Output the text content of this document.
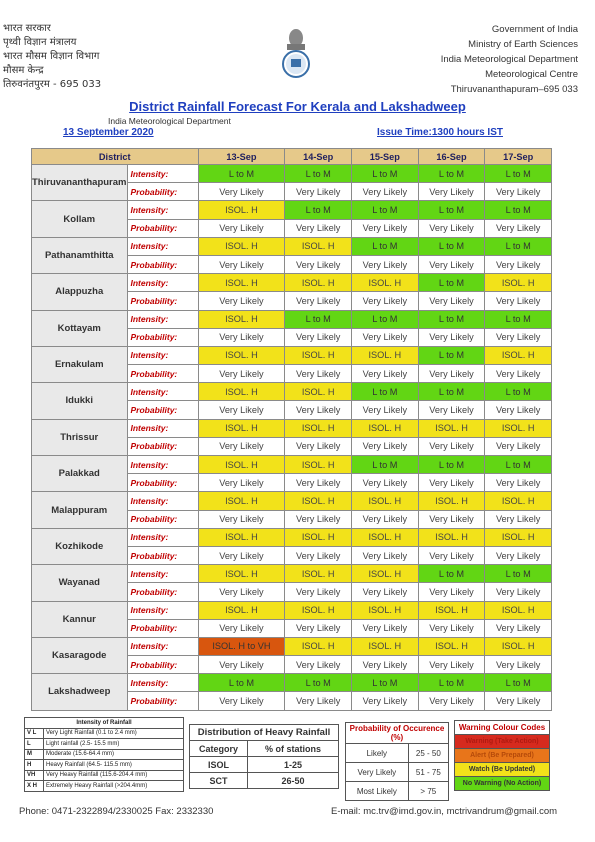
भारत सरकार
पृथ्वी विज्ञान मंत्रालय
भारत मौसम विज्ञान विभाग
मौसम केन्द्र
तिरुवनंतपुरम - 695 033
Government of India
Ministry of Earth Sciences
India Meteorological Department
Meteorological Centre
Thiruvananthapuram–695 033
District Rainfall Forecast For Kerala and Lakshadweep
India Meteorological Department
13 September 2020	Issue Time:1300 hours IST
District		13-Sep	14-Sep	15-Sep	16-Sep	17-Sep
Thiruvananthapuram	Intensity:	L to M	L to M	L to M	L to M	L to M
	Probability:	Very Likely	Very Likely	Very Likely	Very Likely	Very Likely
Kollam	Intensity:	ISOL. H	L to M	L to M	L to M	L to M
	Probability:	Very Likely	Very Likely	Very Likely	Very Likely	Very Likely
Pathanamthitta	Intensity:	ISOL. H	ISOL. H	L to M	L to M	L to M
	Probability:	Very Likely	Very Likely	Very Likely	Very Likely	Very Likely
Alappuzha	Intensity:	ISOL. H	ISOL. H	ISOL. H	L to M	ISOL. H
	Probability:	Very Likely	Very Likely	Very Likely	Very Likely	Very Likely
Kottayam	Intensity:	ISOL. H	L to M	L to M	L to M	L to M
	Probability:	Very Likely	Very Likely	Very Likely	Very Likely	Very Likely
Ernakulam	Intensity:	ISOL. H	ISOL. H	ISOL. H	L to M	ISOL. H
	Probability:	Very Likely	Very Likely	Very Likely	Very Likely	Very Likely
Idukki	Intensity:	ISOL. H	ISOL. H	L to M	L to M	L to M
	Probability:	Very Likely	Very Likely	Very Likely	Very Likely	Very Likely
Thrissur	Intensity:	ISOL. H	ISOL. H	ISOL. H	ISOL. H	ISOL. H
	Probability:	Very Likely	Very Likely	Very Likely	Very Likely	Very Likely
Palakkad	Intensity:	ISOL. H	ISOL. H	L to M	L to M	L to M
	Probability:	Very Likely	Very Likely	Very Likely	Very Likely	Very Likely
Malappuram	Intensity:	ISOL. H	ISOL. H	ISOL. H	ISOL. H	ISOL. H
	Probability:	Very Likely	Very Likely	Very Likely	Very Likely	Very Likely
Kozhikode	Intensity:	ISOL. H	ISOL. H	ISOL. H	ISOL. H	ISOL. H
	Probability:	Very Likely	Very Likely	Very Likely	Very Likely	Very Likely
Wayanad	Intensity:	ISOL. H	ISOL. H	ISOL. H	L to M	L to M
	Probability:	Very Likely	Very Likely	Very Likely	Very Likely	Very Likely
Kannur	Intensity:	ISOL. H	ISOL. H	ISOL. H	ISOL. H	ISOL. H
	Probability:	Very Likely	Very Likely	Very Likely	Very Likely	Very Likely
Kasaragode	Intensity:	ISOL. H to VH	ISOL. H	ISOL. H	ISOL. H	ISOL. H
	Probability:	Very Likely	Very Likely	Very Likely	Very Likely	Very Likely
Lakshadweep	Intensity:	L to M	L to M	L to M	L to M	L to M
	Probability:	Very Likely	Very Likely	Very Likely	Very Likely	Very Likely
Intensity of Rainfall	
V L	Very Light Rainfall (0.1 to 2.4 mm)
L	Light rainfall (2.5- 15.5 mm)
M	Moderate (15.6-64.4 mm)
H	Heavy Rainfall (64.5- 115.5 mm)
VH	Very Heavy Rainfall (115.6-204.4 mm)
X H	Extremely Heavy Rainfall (>204.4mm)
Distribution of Heavy Rainfall	
Category	% of stations
ISOL	1-25
SCT	26-50
Probability of Occurence (%)	
Likely	25 - 50
Very Likely	51 - 75
Most Likely	> 75
Warning Colour Codes
Warning (Take Action)
Alert (Be Prepared)
Watch (Be Updated)
No Warning (No Action)
Phone: 0471-2322894/2330025 Fax: 2332330	E-mail: mc.trv@imd.gov.in, mctrivandrum@gmail.com
